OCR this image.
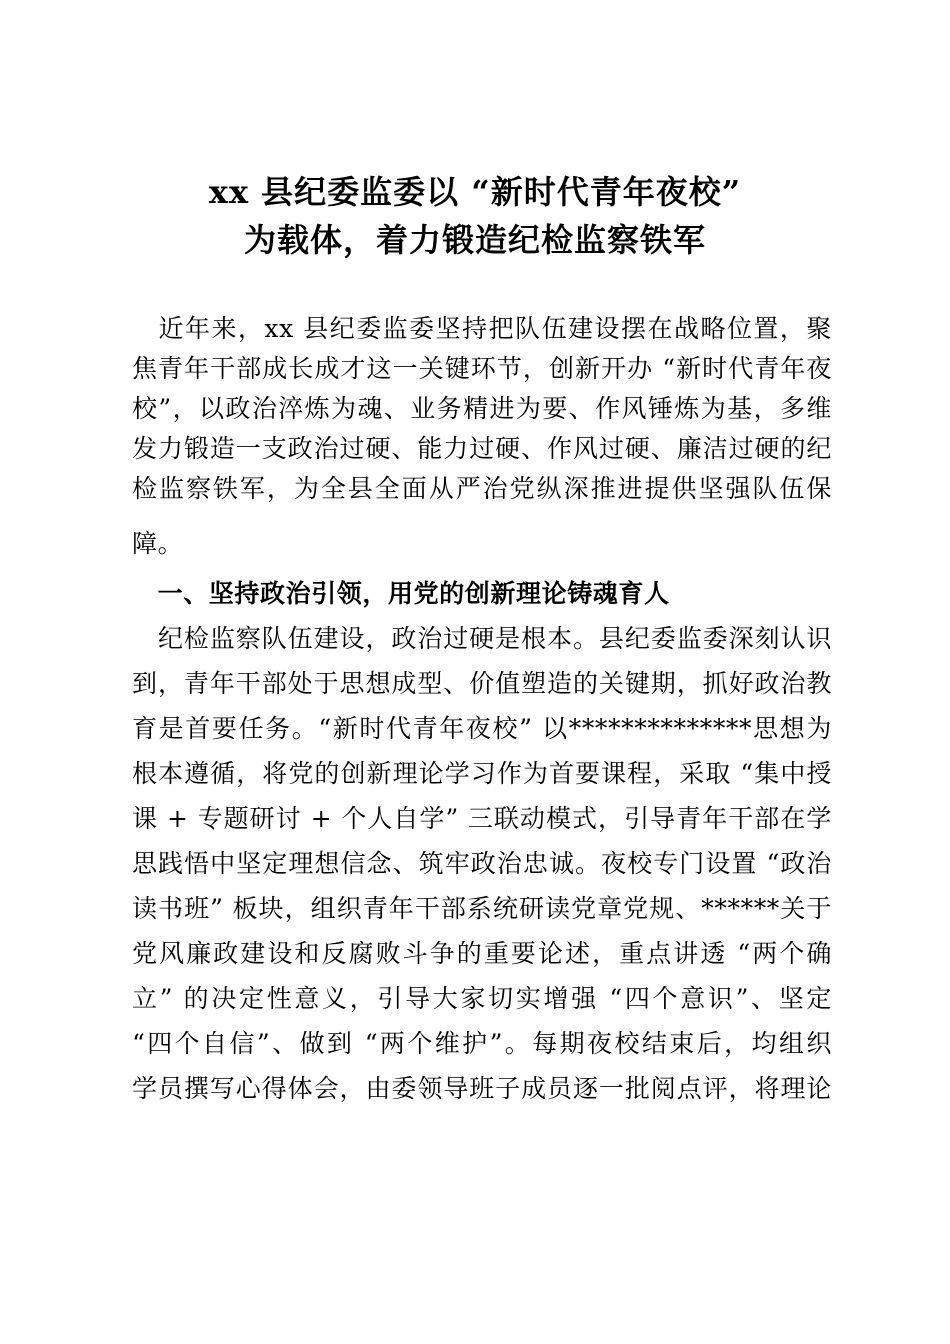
xx 县纪委监委以 “新时代青年夜校”
为载体，着力锻造纪检监察铁军
　近年来，xx 县纪委监委坚持把队伍建设摆在战略位置，聚
焦青年干部成长成才这一关键环节，创新开办 “新时代青年夜
校”，以政治淬炼为魂、业务精进为要、作风锤炼为基，多维
发力锻造一支政治过硬、能力过硬、作风过硬、廉洁过硬的纪
检监察铁军，为全县全面从严治党纵深推进提供坚强队伍保
障。
　一、坚持政治引领，用党的创新理论铸魂育人
　纪检监察队伍建设，政治过硬是根本。县纪委监委深刻认识
到，青年干部处于思想成型、价值塑造的关键期，抓好政治教
育是首要任务。“新时代青年夜校” 以**************思想为
根本遵循，将党的创新理论学习作为首要课程，采取 “集中授
课 + 专题研讨 + 个人自学” 三联动模式，引导青年干部在学
思践悟中坚定理想信念、筑牢政治忠诚。夜校专门设置 “政治
读书班” 板块，组织青年干部系统研读党章党规、******关于
党风廉政建设和反腐败斗争的重要论述，重点讲透 “两个确
立” 的决定性意义，引导大家切实增强 “四个意识”、坚定
“四个自信”、做到 “两个维护”。每期夜校结束后，均组织
学员撰写心得体会，由委领导班子成员逐一批阅点评，将理论
